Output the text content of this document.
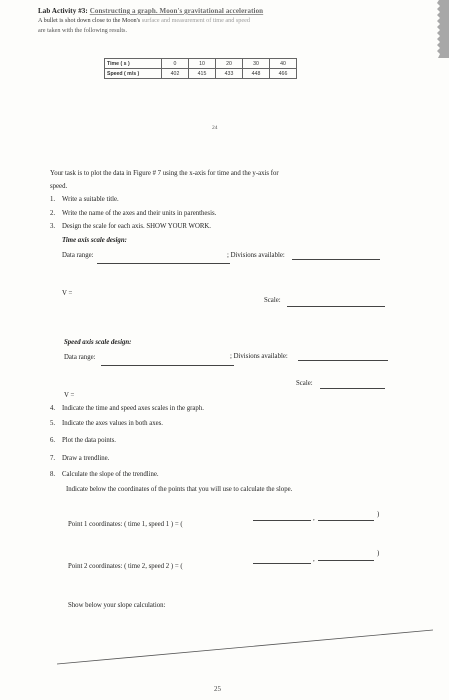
Lab Activity #3: Constructing a graph. Moon's gravitational acceleration
A bullet is shot down close to the Moon's surface and measurement of time and speed
are taken with the following results.
Time ( s )	0	10	20	30	40
Speed ( m/s )	402	415	433	448	466
24
Your task is to plot the data in Figure # 7 using the x-axis for time and the y-axis for
speed.
1. Write a suitable title.
2. Write the name of the axes and their units in parenthesis.
3. Design the scale for each axis. SHOW YOUR WORK.
Time axis scale design:
Data range:	; Divisions available:
V =
Scale:
Speed axis scale design:
Data range:	; Divisions available:
Scale:
V =
4. Indicate the time and speed axes scales in the graph.
5. Indicate the axes values in both axes.
6. Plot the data points.
7. Draw a trendline.
8. Calculate the slope of the trendline.
Indicate below the coordinates of the points that you will use to calculate the slope.
Point 1 coordinates: ( time 1, speed 1 ) = (
,
)
Point 2 coordinates: ( time 2, speed 2 ) = (
,
)
Show below your slope calculation:
25
